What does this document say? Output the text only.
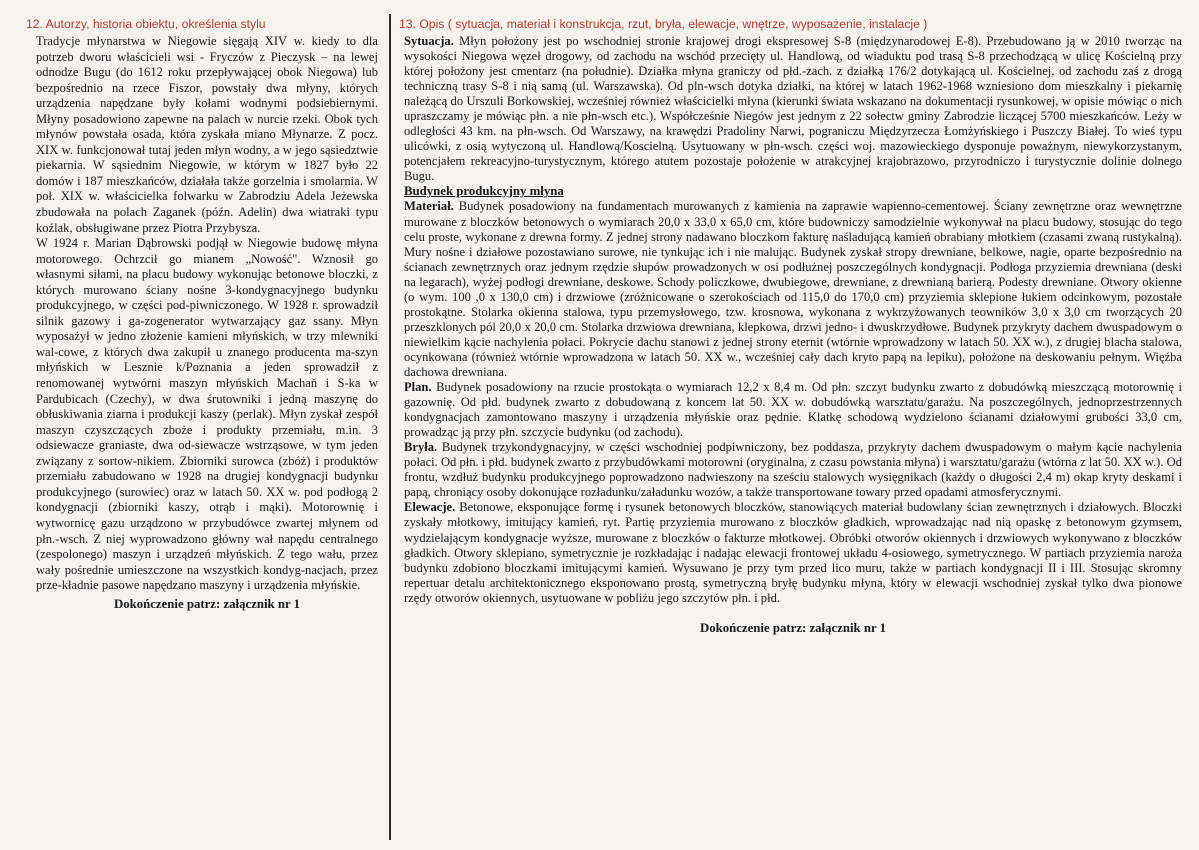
12. Autorzy, historia obiektu, określenia stylu

Tradycje młynarstwa w Niegowie sięgają XIV w. kiedy to dla potrzeb dworu właścicieli wsi - Fryczów z Pieczysk – na lewej odnodze Bugu (do 1612 roku przepływającej obok Niegowa) lub bezpośrednio na rzece Fiszor, powstały dwa młyny, których urządzenia napędzane były kołami wodnymi podsiebiernymi. Młyny posadowiono zapewne na palach w nurcie rzeki. Obok tych młynów powstała osada, która zyskała miano Młynarze. Z pocz. XIX w. funkcjonował tutaj jeden młyn wodny, a w jego sąsiedztwie piekarnia. W sąsiednim Niegowie, w którym w 1827 było 22 domów i 187 mieszkańców, działała także gorzelnia i smolarnia. W poł. XIX w. właścicielka folwarku w Zabrodziu Adela Jeżewska zbudowała na polach Zaganek (późn. Adelin) dwa wiatraki typu koźlak, obsługiwane przez Piotra Przybysza.

W 1924 r. Marian Dąbrowski podjął w Niegowie budowę młyna motorowego. Ochrzcił go mianem „Nowość". Wznosił go własnymi siłami, na placu budowy wykonując betonowe bloczki, z których murowano ściany nośne 3-kondygnacyjnego budynku produkcyjnego, w części pod-piwniczonego. W 1928 r. sprowadził silnik gazowy i ga-zogenerator wytwarzający gaz ssany. Młyn wyposażył w jedno złożenie kamieni młyńskich, w trzy mlewniki wal-cowe, z których dwa zakupił u znanego producenta ma-szyn młyńskich w Lesznie k/Poznania a jeden sprowadził z renomowanej wytwórni maszyn młyńskich Machaň i S-ka w Pardubicach (Czechy), w dwa śrutowniki i jedną maszynę do obłuskiwania ziarna i produkcji kaszy (perlak). Młyn zyskał zespół maszyn czyszczących zboże i produkty przemiału, m.in. 3 odsiewacze graniaste, dwa od-siewacze wstrząsowe, w tym jeden związany z sortow-nikiem. Zbiorniki surowca (zbóż) i produktów przemiału zabudowano w 1928 na drugiej kondygnacji budynku produkcyjnego (surowiec) oraz w latach 50. XX w. pod podłogą 2 kondygnacji (zbiorniki kaszy, otrąb i mąki). Motorownię i wytwornicę gazu urządzono w przybudówce zwartej młynem od płn.-wsch. Z niej wyprowadzono główny wał napędu centralnego (zespolonego) maszyn i urządzeń młyńskich. Z tego wału, przez wały pośrednie umieszczone na wszystkich kondyg-nacjach, przez prze-kładnie pasowe napędzano maszyny i urządzenia młyńskie.

Dokończenie patrz: załącznik nr 1
13. Opis ( sytuacja, materiał i konstrukcja, rzut, bryła, elewacje, wnętrze, wyposażenie, instalacje )

Sytuacja. Młyn położony jest po wschodniej stronie krajowej drogi ekspresowej S-8 (międzynarodowej E-8). Przebudowano ją w 2010 tworząc na wysokości Niegowa węzeł drogowy, od zachodu na wschód przecięty ul. Handlową, od wiaduktu pod trasą S-8 przechodzącą w ulicę Kościelną przy której położony jest cmentarz (na południe). Działka młyna graniczy od płd.-zach. z działką 176/2 dotykającą ul. Kościelnej, od zachodu zaś z drogą techniczną trasy S-8 i nią samą (ul. Warszawska). Od pln-wsch dotyka działki, na której w latach 1962-1968 wzniesiono dom mieszkalny i piekarnię należącą do Urszuli Borkowskiej, wcześniej również właścicielki młyna (kierunki świata wskazano na dokumentacji rysunkowej, w opisie mówiąc o nich upraszczamy je mówiąc płn. a nie płn-wsch etc.). Współcześnie Niegów jest jednym z 22 sołectw gminy Zabrodzie liczącej 5700 mieszkańców. Leży w odległości 43 km. na płn-wsch. Od Warszawy, na krawędzi Pradoliny Narwi, pograniczu Międzyrzecza Łomżyńskiego i Puszczy Białej. To wieś typu ulicówki, z osią wytyczoną ul. Handlową/Koscielną. Usytuowany w płn-wsch. części woj. mazowieckiego dysponuje poważnym, niewykorzystanym, potencjałem rekreacyjno-turystycznym, którego atutem pozostaje położenie w atrakcyjnej krajobrazowo, przyrodniczo i turystycznie dolinie dolnego Bugu.

Budynek produkcyjny młyna

Materiał. Budynek posadowiony na fundamentach murowanych z kamienia na zaprawie wapienno-cementowej. Ściany zewnętrzne oraz wewnętrzne murowane z bloczków betonowych o wymiarach 20,0 x 33,0 x 65,0 cm, które budowniczy samodzielnie wykonywał na placu budowy, stosując do tego celu proste, wykonane z drewna formy. Z jednej strony nadawano bloczkom fakturę naśladującą kamień obrabiany młotkiem (czasami zwaną rustykalną). Mury nośne i działowe pozostawiano surowe, nie tynkując ich i nie malując. Budynek zyskał stropy drewniane, belkowe, nagie, oparte bezpośrednio na ścianach zewnętrznych oraz jednym rzędzie słupów prowadzonych w osi podłużnej poszczególnych kondygnacji. Podłoga przyziemia drewniana (deski na legarach), wyżej podłogi drewniane, deskowe. Schody policzkowe, dwubiegowe, drewniane, z drewnianą barierą. Podesty drewniane. Otwory okienne (o wym. 100 ,0 x 130,0 cm) i drzwiowe (zróżnicowane o szerokościach od 115,0 do 170,0 cm) przyziemia sklepione łukiem odcinkowym, pozostałe prostokątne. Stolarka okienna stalowa, typu przemysłowego, tzw. krosnowa, wykonana z wykrzyżowanych teowników 3,0 x 3,0 cm tworzących 20 przeszklonych pól 20,0 x 20,0 cm. Stolarka drzwiowa drewniana, klepkowa, drzwi jedno- i dwuskrzydłowe. Budynek przykryty dachem dwuspadowym o niewielkim kącie nachylenia połaci. Pokrycie dachu stanowi z jednej strony eternit (wtórnie wprowadzony w latach 50. XX w.), z drugiej blacha stalowa, ocynkowana (również wtórnie wprowadzona w latach 50. XX w., wcześniej cały dach kryto papą na lepiku), położone na deskowaniu pełnym. Więźba dachowa drewniana.

Plan. Budynek posadowiony na rzucie prostokąta o wymiarach 12,2 x 8,4 m. Od płn. szczyt budynku zwarto z dobudówką mieszczącą motorownię i gazownię. Od płd. budynek zwarto z dobudowaną z koncem lat 50. XX w. dobudówką warsztatu/garażu. Na poszczególnych, jednoprzestrzennych kondygnacjach zamontowano maszyny i urządzenia młyńskie oraz pędnie. Klatkę schodową wydzielono ścianami działowymi grubości 33,0 cm, prowadząc ją przy płn. szczycie budynku (od zachodu).

Bryła. Budynek trzykondygnacyjny, w części wschodniej podpiwniczony, bez poddasza, przykryty dachem dwuspadowym o małym kącie nachylenia połaci. Od płn. i płd. budynek zwarto z przybudówkami motorowni (oryginalna, z czasu powstania młyna) i warsztatu/garażu (wtórna z lat 50. XX w.). Od frontu, wzdłuż budynku produkcyjnego poprowadzono nadwieszony na sześciu stalowych wysięgnikach (każdy o długości 2,4 m) okap kryty deskami i papą, chroniący osoby dokonujące rozładunku/załadunku wozów, a także transportowane towary przed opadami atmosferycznymi.

Elewacje. Betonowe, eksponujące formę i rysunek betonowych bloczków, stanowiących materiał budowlany ścian zewnętrznych i działowych. Bloczki zyskały młotkowy, imitujący kamień, ryt. Partię przyziemia murowano z bloczków gładkich, wprowadzając nad nią opaskę z betonowym gzymsem, wydzielającym kondygnacje wyższe, murowane z bloczków o fakturze młotkowej. Obróbki otworów okiennych i drzwiowych wykonywano z bloczków gładkich. Otwory sklepiano, symetrycznie je rozkładając i nadając elewacji frontowej układu 4-osiowego, symetrycznego. W partiach przyziemia naroża budynku zdobiono bloczkami imitującymi kamień. Wysuwano je przy tym przed lico muru, także w partiach kondygnacji II i III. Stosując skromny repertuar detalu architektonicznego eksponowano prostą, symetryczną bryłę budynku młyna, który w elewacji wschodniej zyskał tylko dwa pionowe rzędy otworów okiennych, usytuowane w pobliżu jego szczytów płn. i płd.

Dokończenie patrz: załącznik nr 1
